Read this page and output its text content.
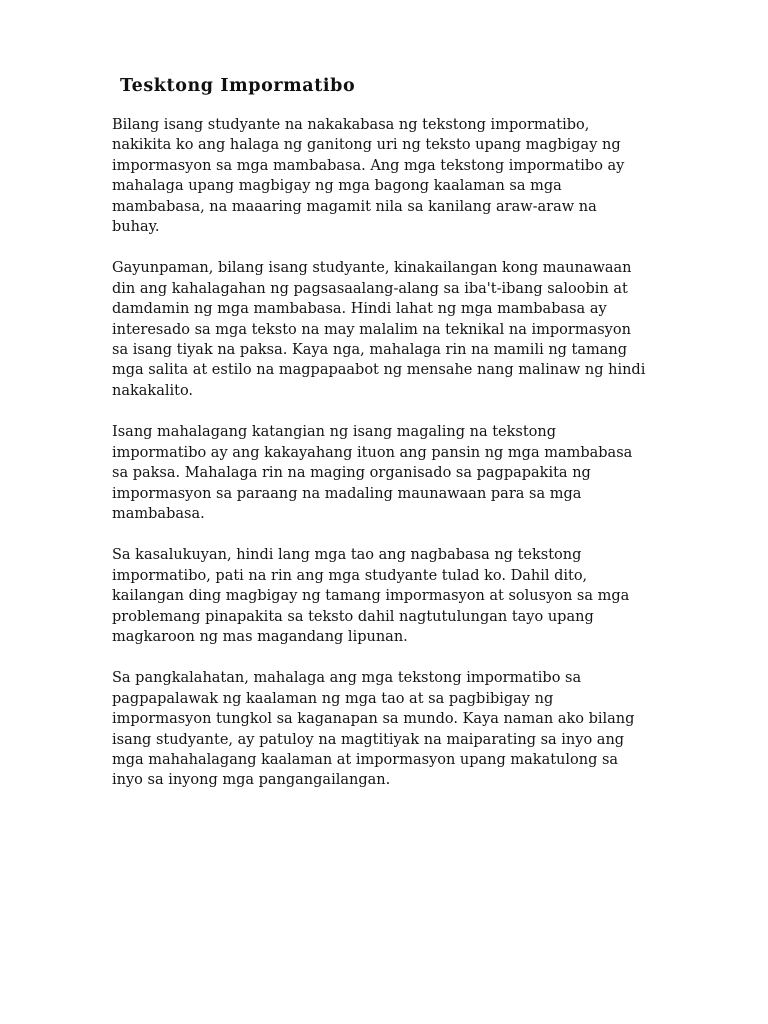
Tesktong Impormatibo

Bilang isang studyante na nakakabasa ng tekstong impormatibo,
nakikita ko ang halaga ng ganitong uri ng teksto upang magbigay ng
impormasyon sa mga mambabasa. Ang mga tekstong impormatibo ay
mahalaga upang magbigay ng mga bagong kaalaman sa mga
mambabasa, na maaaring magamit nila sa kanilang araw-araw na
buhay.

Gayunpaman, bilang isang studyante, kinakailangan kong maunawaan
din ang kahalagahan ng pagsasaalang-alang sa iba't-ibang saloobin at
damdamin ng mga mambabasa. Hindi lahat ng mga mambabasa ay
interesado sa mga teksto na may malalim na teknikal na impormasyon
sa isang tiyak na paksa. Kaya nga, mahalaga rin na mamili ng tamang
mga salita at estilo na magpapaabot ng mensahe nang malinaw ng hindi
nakakalito.

Isang mahalagang katangian ng isang magaling na tekstong
impormatibo ay ang kakayahang ituon ang pansin ng mga mambabasa
sa paksa. Mahalaga rin na maging organisado sa pagpapakita ng
impormasyon sa paraang na madaling maunawaan para sa mga
mambabasa.

Sa kasalukuyan, hindi lang mga tao ang nagbabasa ng tekstong
impormatibo, pati na rin ang mga studyante tulad ko. Dahil dito,
kailangan ding magbigay ng tamang impormasyon at solusyon sa mga
problemang pinapakita sa teksto dahil nagtutulungan tayo upang
magkaroon ng mas magandang lipunan.

Sa pangkalahatan, mahalaga ang mga tekstong impormatibo sa
pagpapalawak ng kaalaman ng mga tao at sa pagbibigay ng
impormasyon tungkol sa kaganapan sa mundo. Kaya naman ako bilang
isang studyante, ay patuloy na magtitiyak na maiparating sa inyo ang
mga mahahalagang kaalaman at impormasyon upang makatulong sa
inyo sa inyong mga pangangailangan.
